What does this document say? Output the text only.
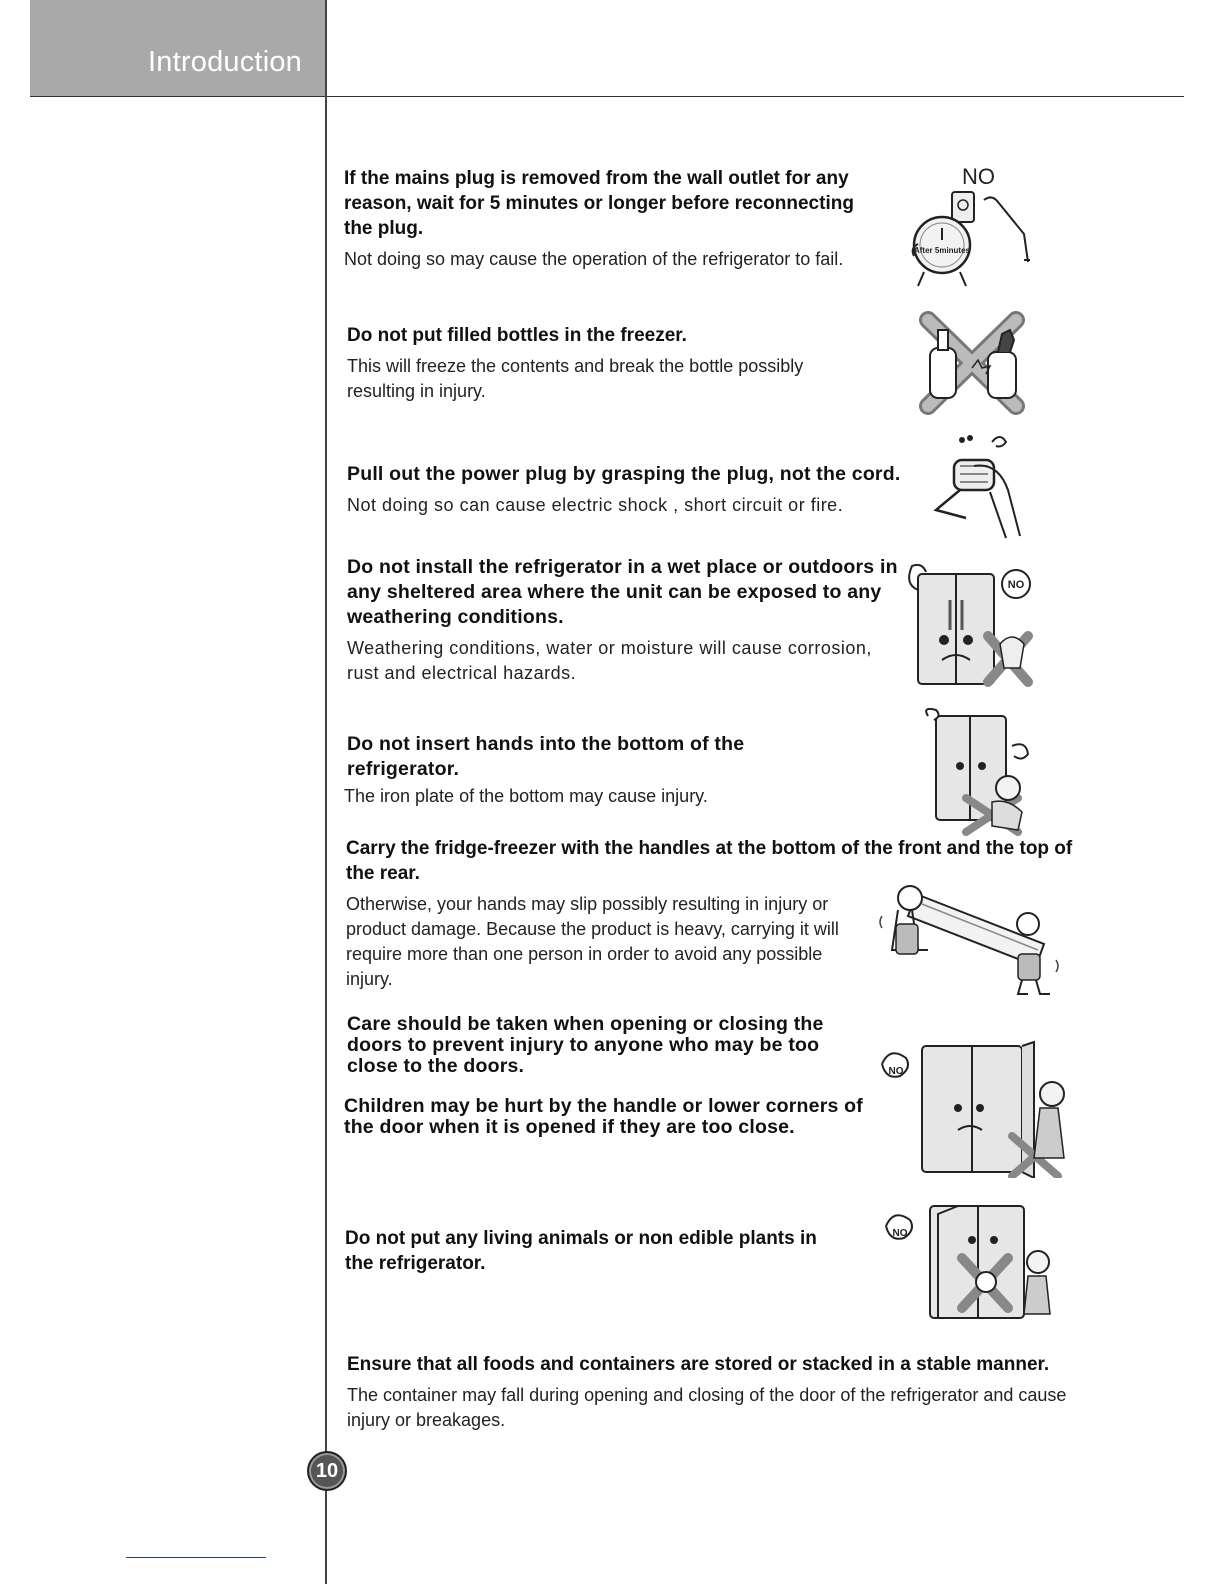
Introduction
If the mains plug is removed from the wall outlet for any reason, wait for 5 minutes or longer before reconnecting the plug.

Not doing so may cause the operation of the refrigerator to fail.

NO
After 5minutes
Do not put filled bottles in the freezer.

This will freeze the contents and break the bottle possibly resulting in injury.

Pull out the power plug by grasping the plug, not the cord.

Not doing so can cause electric shock , short circuit or fire.

Do not install the refrigerator in a wet place or outdoors in any sheltered area where the unit can be exposed to any weathering conditions.

Weathering conditions, water or moisture will cause corrosion, rust and electrical hazards.

NO
Do not insert hands into the bottom of the refrigerator.

The iron plate of the bottom may cause injury.

Carry the fridge-freezer with the handles at the bottom of the front and the top of the rear.

Otherwise, your hands may slip possibly resulting in injury or product damage. Because the product is heavy, carrying it will require more than one person in order to avoid any possible injury.

Care should be taken when opening or closing the doors to prevent injury to anyone who may be too close to the doors.
Children may be hurt by the handle or lower corners of the door when it is opened if they are too close.
NO
Do not put any living animals or non edible plants in the refrigerator.
NO
Ensure that all foods and containers are stored or stacked in a stable manner.

The container may fall during opening and closing of the door of the refrigerator and cause injury or breakages.

10
